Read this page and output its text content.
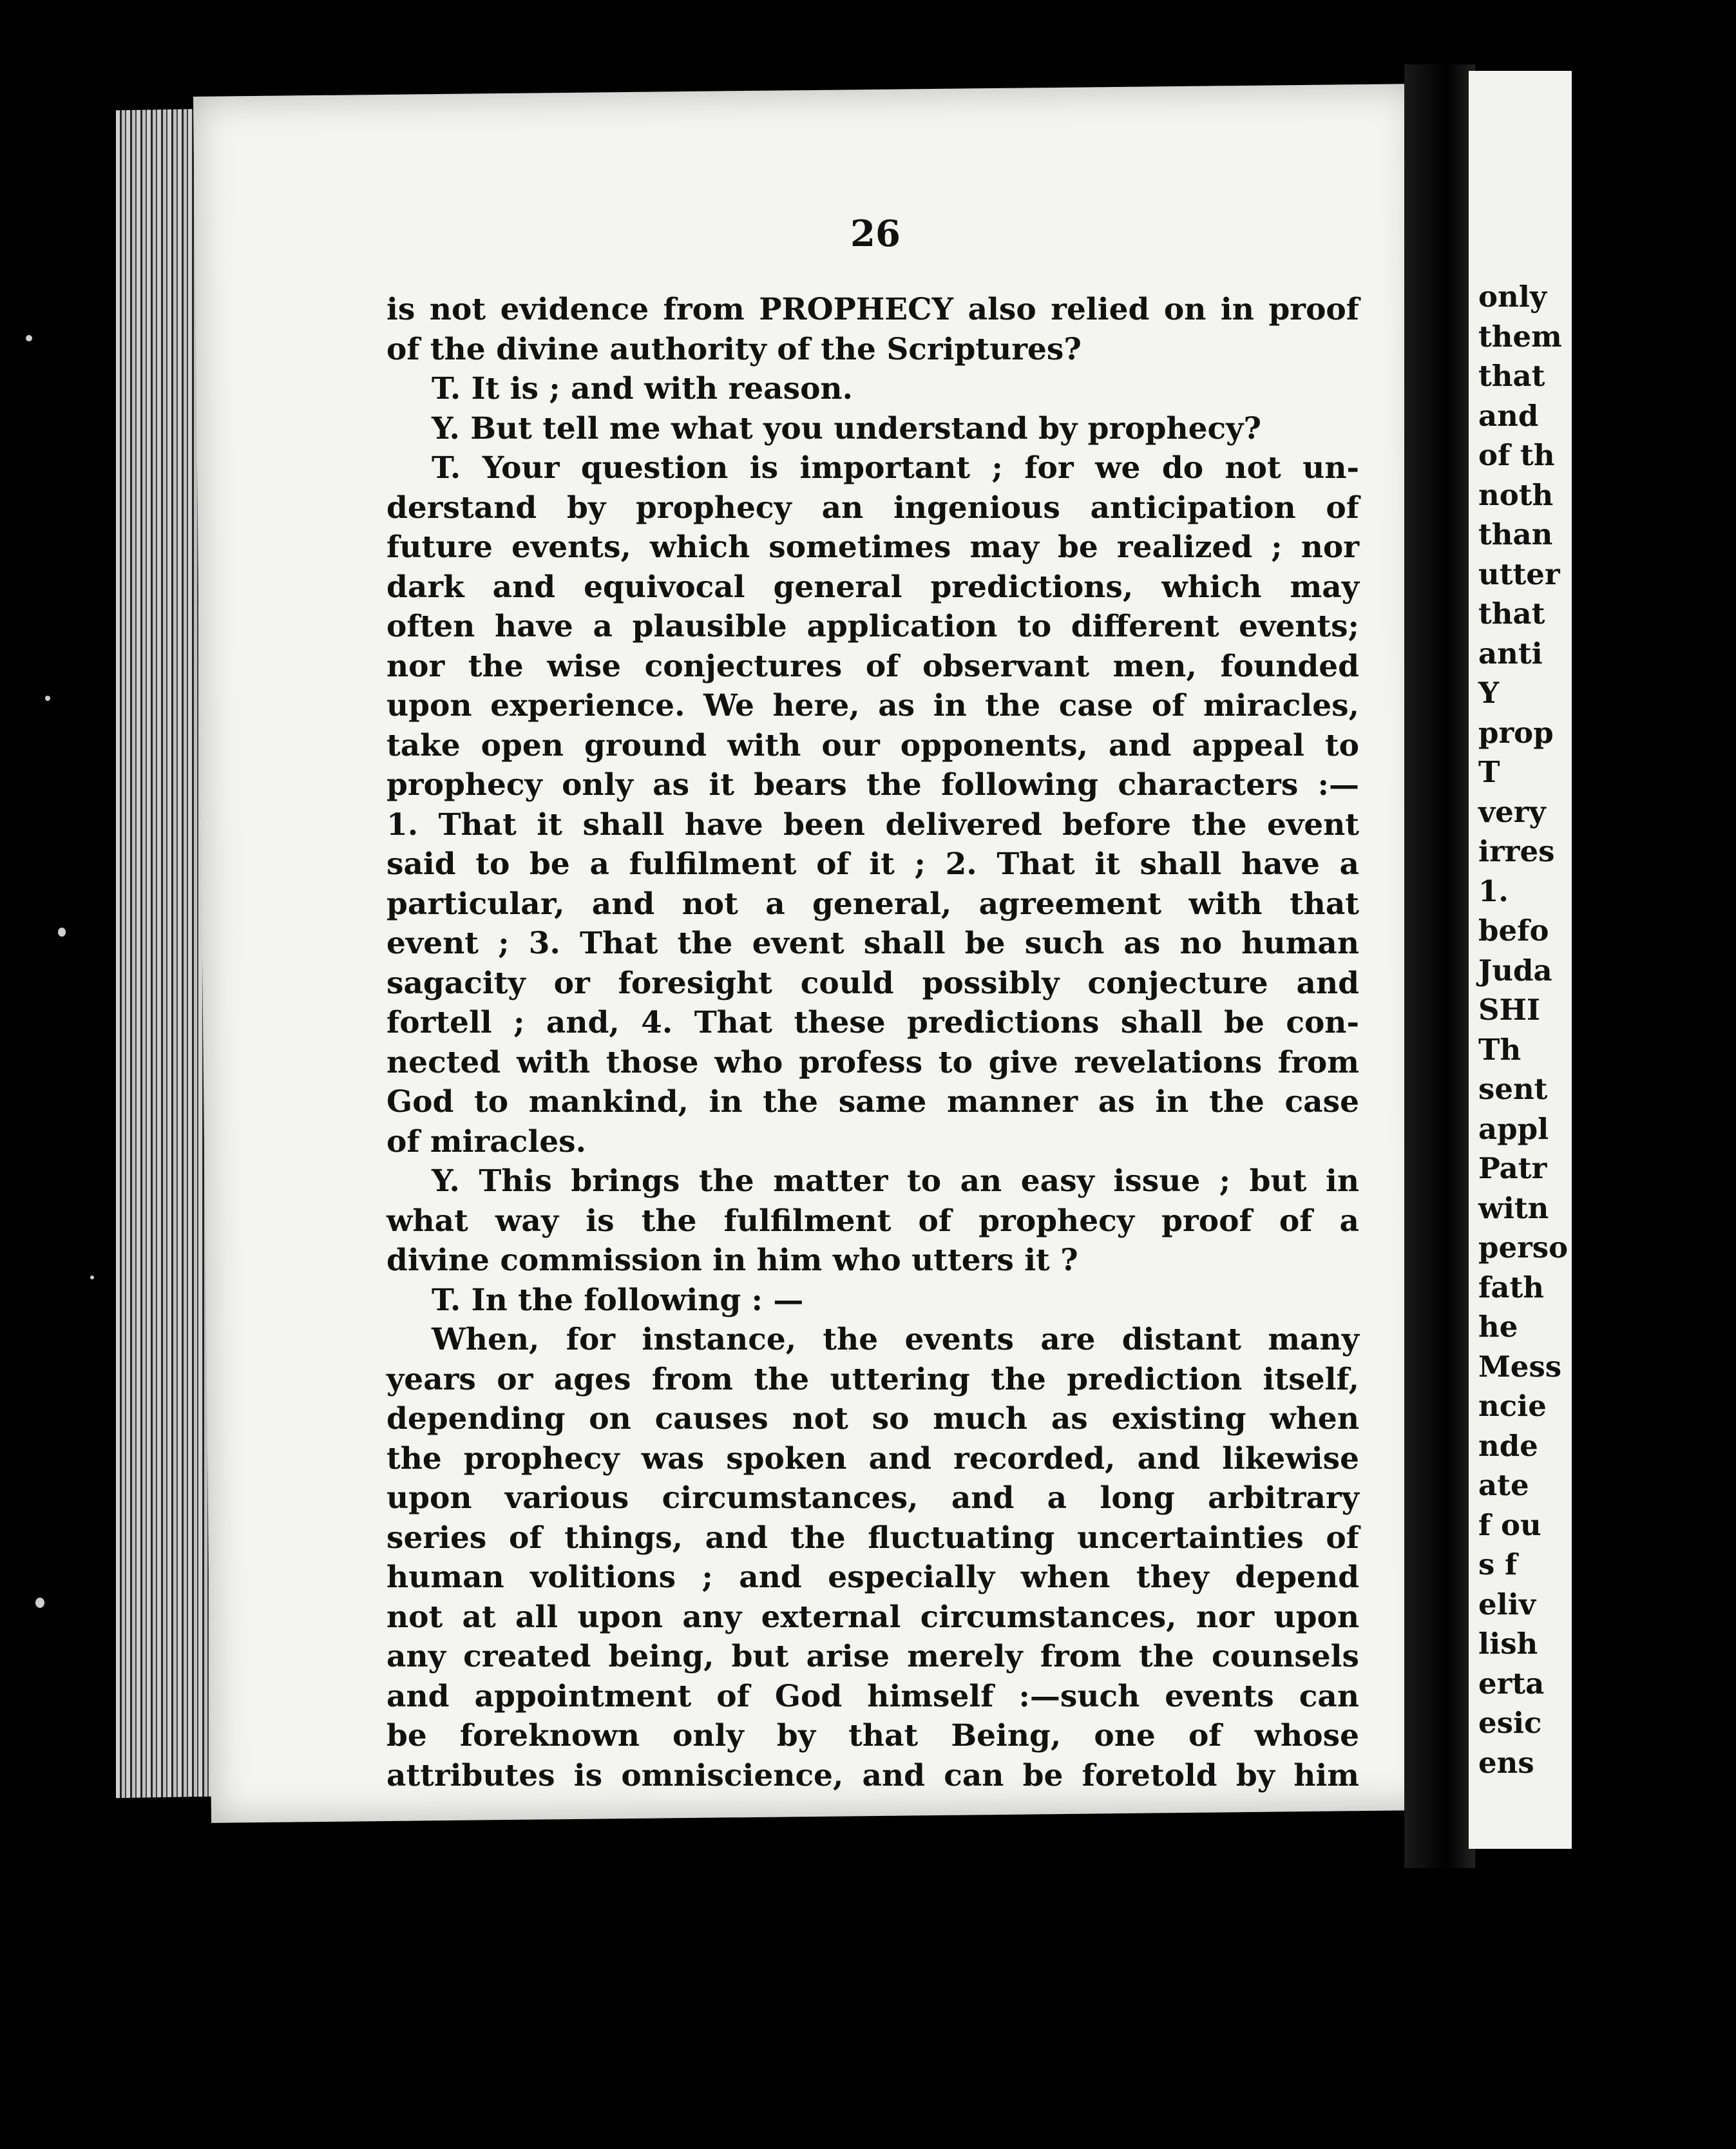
26
is not evidence from PROPHECY also relied on in proof
of the divine authority of the Scriptures?
T. It is ; and with reason.
Y. But tell me what you understand by prophecy?
T. Your question is important ; for we do not un-
derstand by prophecy an ingenious anticipation of
future events, which sometimes may be realized ; nor
dark and equivocal general predictions, which may
often have a plausible application to different events;
nor the wise conjectures of observant men, founded
upon experience. We here, as in the case of miracles,
take open ground with our opponents, and appeal to
prophecy only as it bears the following characters :—
1. That it shall have been delivered before the event
said to be a fulfilment of it ; 2. That it shall have a
particular, and not a general, agreement with that
event ; 3. That the event shall be such as no human
sagacity or foresight could possibly conjecture and
fortell ; and, 4. That these predictions shall be con-
nected with those who profess to give revelations from
God to mankind, in the same manner as in the case
of miracles.
Y. This brings the matter to an easy issue ; but in
what way is the fulfilment of prophecy proof of a
divine commission in him who utters it ?
T. In the following : —
When, for instance, the events are distant many
years or ages from the uttering the prediction itself,
depending on causes not so much as existing when
the prophecy was spoken and recorded, and likewise
upon various circumstances, and a long arbitrary
series of things, and the fluctuating uncertainties of
human volitions ; and especially when they depend
not at all upon any external circumstances, nor upon
any created being, but arise merely from the counsels
and appointment of God himself :—such events can
be foreknown only by that Being, one of whose
attributes is omniscience, and can be foretold by him
only
them
that
and
of th
noth
than
utter
that
anti
Y
prop
T
very
irres
1.
befo
Juda
SHI
Th
sent
appl
Patr
witn
perso
fath
he
Mess
ncie
nde
ate
f ou
s f
eliv
lish
erta
esic
ens
